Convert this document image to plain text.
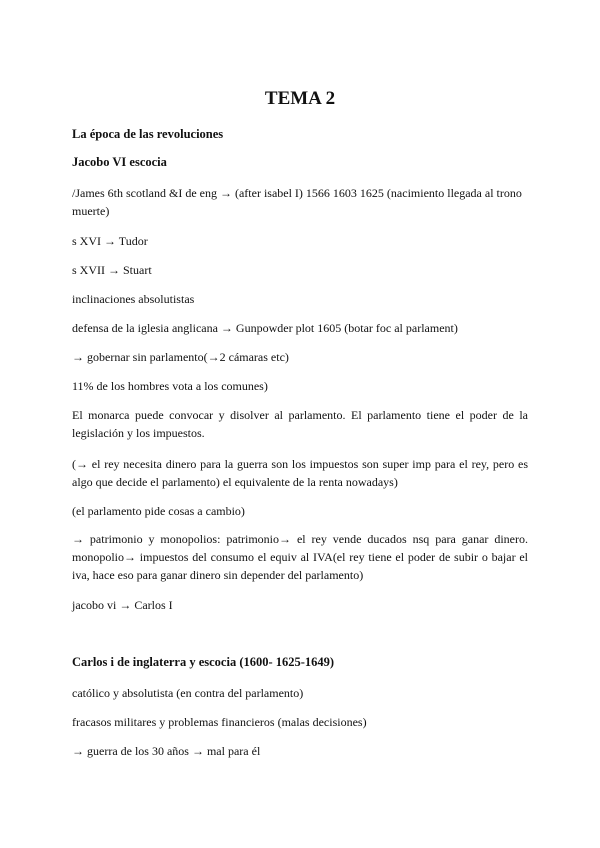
TEMA 2
La época de las revoluciones
Jacobo VI escocia

/James 6th scotland &I de eng → (after isabel I) 1566 1603 1625 (nacimiento llegada al trono muerte)

s XVI → Tudor

s XVII → Stuart

inclinaciones absolutistas

defensa de la iglesia anglicana → Gunpowder plot 1605 (botar foc al parlament)

→ gobernar sin parlamento(→2 cámaras etc)

11% de los hombres vota a los comunes)

El monarca puede convocar y disolver al parlamento. El parlamento tiene el poder de la legislación y los impuestos.

(→ el rey necesita dinero para la guerra son los impuestos son super imp para el rey, pero es algo que decide el parlamento) el equivalente de la renta nowadays)

(el parlamento pide cosas a cambio)

→ patrimonio y monopolios: patrimonio→ el rey vende ducados nsq para ganar dinero. monopolio→ impuestos del consumo el equiv al IVA(el rey tiene el poder de subir o bajar el iva, hace eso para ganar dinero sin depender del parlamento)

jacobo vi → Carlos I

Carlos i de inglaterra y escocia (1600- 1625-1649)

católico y absolutista (en contra del parlamento)

fracasos militares y problemas financieros (malas decisiones)

→ guerra de los 30 años → mal para él
